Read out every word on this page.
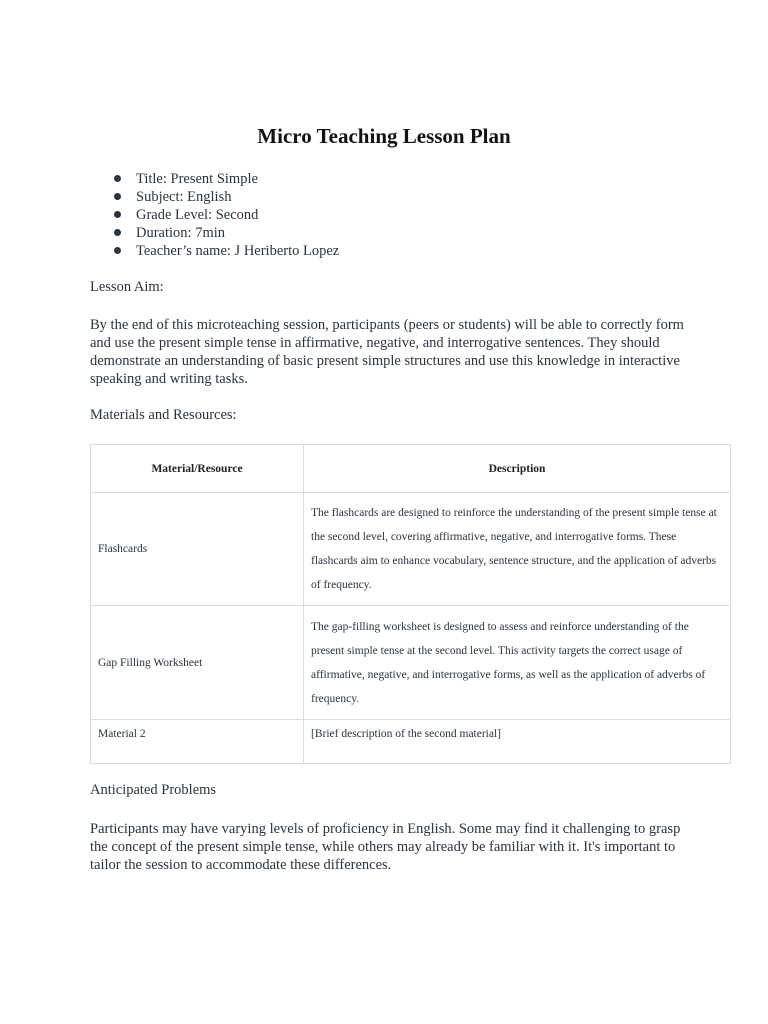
Micro Teaching Lesson Plan
Title: Present Simple
Subject: English
Grade Level: Second
Duration: 7min
Teacher’s name: J Heriberto Lopez

Lesson Aim:

By the end of this microteaching session, participants (peers or students) will be able to correctly form and use the present simple tense in affirmative, negative, and interrogative sentences. They should demonstrate an understanding of basic present simple structures and use this knowledge in interactive speaking and writing tasks.

Materials and Resources:

Material/Resource	Description
Flashcards	The flashcards are designed to reinforce the understanding of the present simple tense at the second level, covering affirmative, negative, and interrogative forms. These flashcards aim to enhance vocabulary, sentence structure, and the application of adverbs of frequency.
Gap Filling Worksheet	The gap-filling worksheet is designed to assess and reinforce understanding of the present simple tense at the second level. This activity targets the correct usage of affirmative, negative, and interrogative forms, as well as the application of adverbs of frequency.
Material 2	[Brief description of the second material]

Anticipated Problems

Participants may have varying levels of proficiency in English. Some may find it challenging to grasp the concept of the present simple tense, while others may already be familiar with it. It's important to tailor the session to accommodate these differences.
